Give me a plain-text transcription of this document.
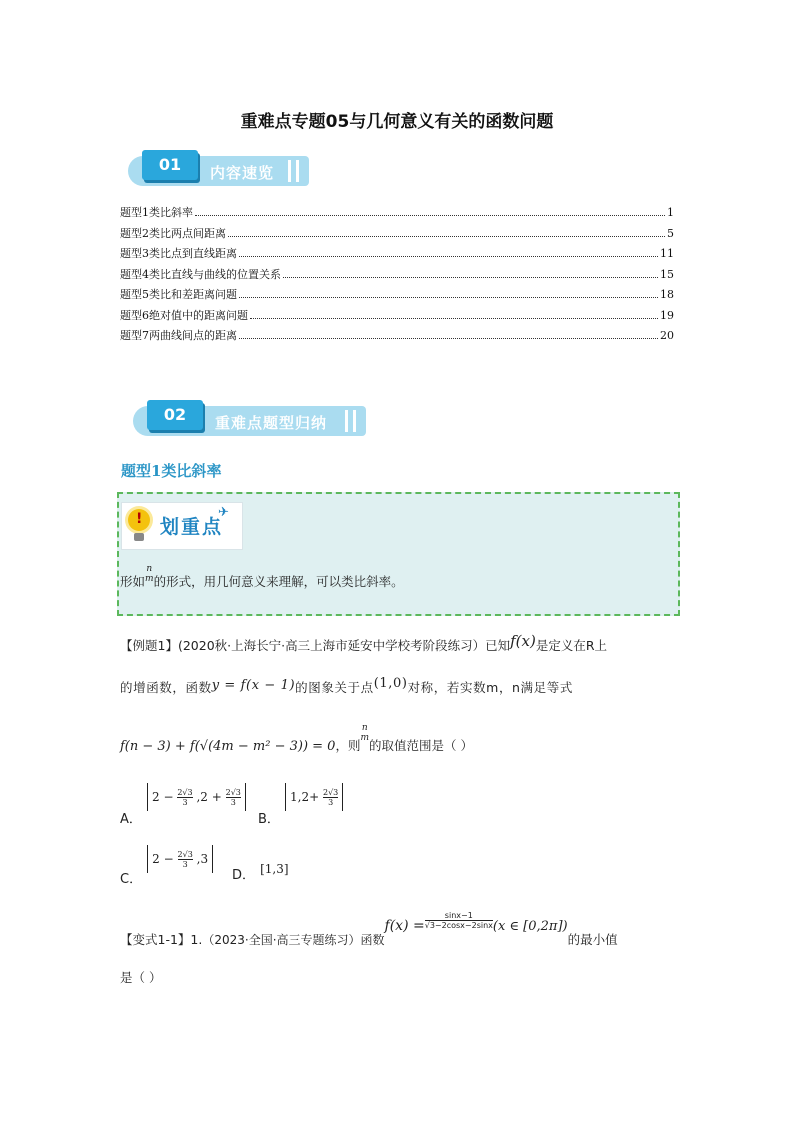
重难点专题05与几何意义有关的函数问题
01	内容速览
题型1类比斜率	1
题型2类比两点间距离	5
题型3类比点到直线距离	11
题型4类比直线与曲线的位置关系	15
题型5类比和差距离问题	18
题型6绝对值中的距离问题	19
题型7两曲线间点的距离	20
02	重难点题型归纳
题型1类比斜率
! 划重点
✈
形如
n
m 的形式，用几何意义来理解，可以类比斜率。
【例题1】(2020秋·上海长宁·高三上海市延安中学校考阶段练习）已知f(x)是定义在R上
的增函数，函数y = f(x − 1)的图象关于点(1,0)对称，若实数m，n满足等式
f(n − 3) + f(√(4m − m² − 3)) = 0，则
n
m
的取值范围是（ ）
$_{A.}$ $2 - \frac{2√3}{3} ,2 + \frac{2√3}{3}$
$_{B.}$ $1,2+ \frac{2√3}{3}$
$_{C.}$ $2 - \frac{2√3}{3} ,3$
$_{D.}$ [1,3]
【变式1-1】1.（2023·全国·高三专题练习）函数$f(x) = \frac{\sin x-1}{√3-2\cos x-2\sin x} (x$ ∈ [0,2π])的最小值
是（ ）
